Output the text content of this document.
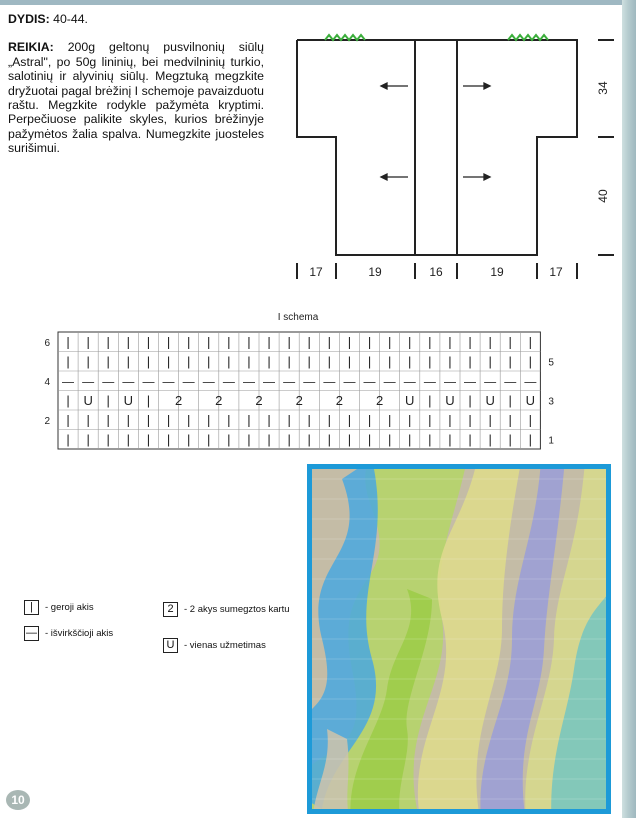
DYDIS: 40-44.

REIKIA: 200g geltonų pusvilnonių siūlų „Astral", po 50g lininių, bei medvilninių turkio, salotinių ir alyvinių siūlų. Megztuką megzkite dryžuotai pagal brėžinį I schemoje pavaizduotu raštu. Megzkite rodykle pažymėta kryptimi. Perpečiuose palikite skyles, kurios brėžinyje pažymėtos žalia spalva. Numegzkite juosteles surišimui.

17	19	16	19	17
34
40
I schema
| | | | | | | | | | | | | | | | | | | | | | | |
6
| | | | | | | | | | | | | | | | | | | | | | | | 5
— — — — — — — — — — — — — — — — — — — — — — — —
4
| U | U | 2	2	2	2	2	2 U | U | U | U 3
| | | | | | | | | | | | | | | | | | | | | | | |
2
| | | | | | | | | | | | | | | | | | | | | | | | 1
|	- geroji akis
— - išvirkščioji akis
2	- 2 akys sumegztos kartu
U	- vienas užmetimas
10
